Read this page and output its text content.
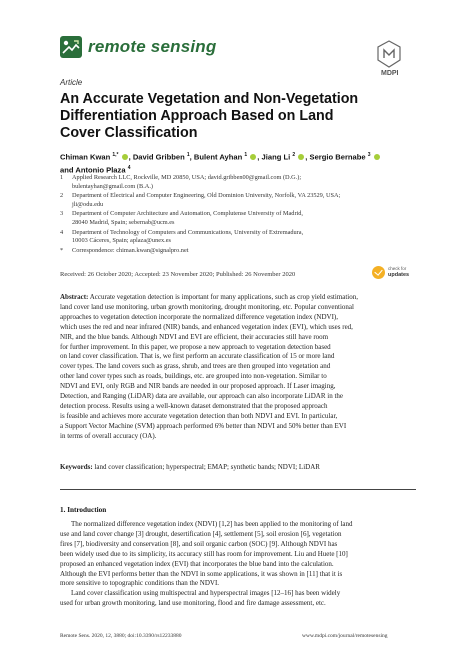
remote sensing
MDPI
Article
An Accurate Vegetation and Non-Vegetation
Differentiation Approach Based on Land
Cover Classification
Chiman Kwan $^{1,*}$ , David Gribben $^1$, Bulent Ayhan $^1$ , Jiang Li $^2$ , Sergio Bernabe $^3$
and Antonio Plaza $^4$
1	Applied Research LLC, Rockville, MD 20850, USA; david.gribben00@gmail.com (D.G.);
bulentayhan@gmail.com (B.A.)
2	Department of Electrical and Computer Engineering, Old Dominion University, Norfolk, VA 23529, USA;
jli@odu.edu
3	Department of Computer Architecture and Automation, Complutense University of Madrid,
28040 Madrid, Spain; sebernab@ucm.es
4	Department of Technology of Computers and Communications, University of Extremadura,
10003 Cáceres, Spain; aplaza@unex.es
*	Correspondence: chiman.kwan@signalpro.net
Received: 26 October 2020; Accepted: 23 November 2020; Published: 26 November 2020
check for
updates
Abstract: Accurate vegetation detection is important for many applications, such as crop yield estimation,
land cover land use monitoring, urban growth monitoring, drought monitoring, etc. Popular conventional
approaches to vegetation detection incorporate the normalized difference vegetation index (NDVI),
which uses the red and near infrared (NIR) bands, and enhanced vegetation index (EVI), which uses red,
NIR, and the blue bands. Although NDVI and EVI are efficient, their accuracies still have room
for further improvement. In this paper, we propose a new approach to vegetation detection based
on land cover classification. That is, we first perform an accurate classification of 15 or more land
cover types. The land covers such as grass, shrub, and trees are then grouped into vegetation and
other land cover types such as roads, buildings, etc. are grouped into non-vegetation. Similar to
NDVI and EVI, only RGB and NIR bands are needed in our proposed approach. If Laser imaging,
Detection, and Ranging (LiDAR) data are available, our approach can also incorporate LiDAR in the
detection process. Results using a well-known dataset demonstrated that the proposed approach
is feasible and achieves more accurate vegetation detection than both NDVI and EVI. In particular,
a Support Vector Machine (SVM) approach performed 6% better than NDVI and 50% better than EVI
in terms of overall accuracy (OA).
Keywords: land cover classification; hyperspectral; EMAP; synthetic bands; NDVI; LiDAR
1. Introduction
The normalized difference vegetation index (NDVI) [1,2] has been applied to the monitoring of land
use and land cover change [3] drought, desertification [4], settlement [5], soil erosion [6], vegetation
fires [7], biodiversity and conservation [8], and soil organic carbon (SOC) [9]. Although NDVI has
been widely used due to its simplicity, its accuracy still has room for improvement. Liu and Huete [10]
proposed an enhanced vegetation index (EVI) that incorporates the blue band into the calculation.
Although the EVI performs better than the NDVI in some applications, it was shown in [11] that it is
more sensitive to topographic conditions than the NDVI.
Land cover classification using multispectral and hyperspectral images [12–16] has been widely
used for urban growth monitoring, land use monitoring, flood and fire damage assessment, etc.
Remote Sens. 2020, 12, 3880; doi:10.3390/rs12233880	www.mdpi.com/journal/remotesensing
